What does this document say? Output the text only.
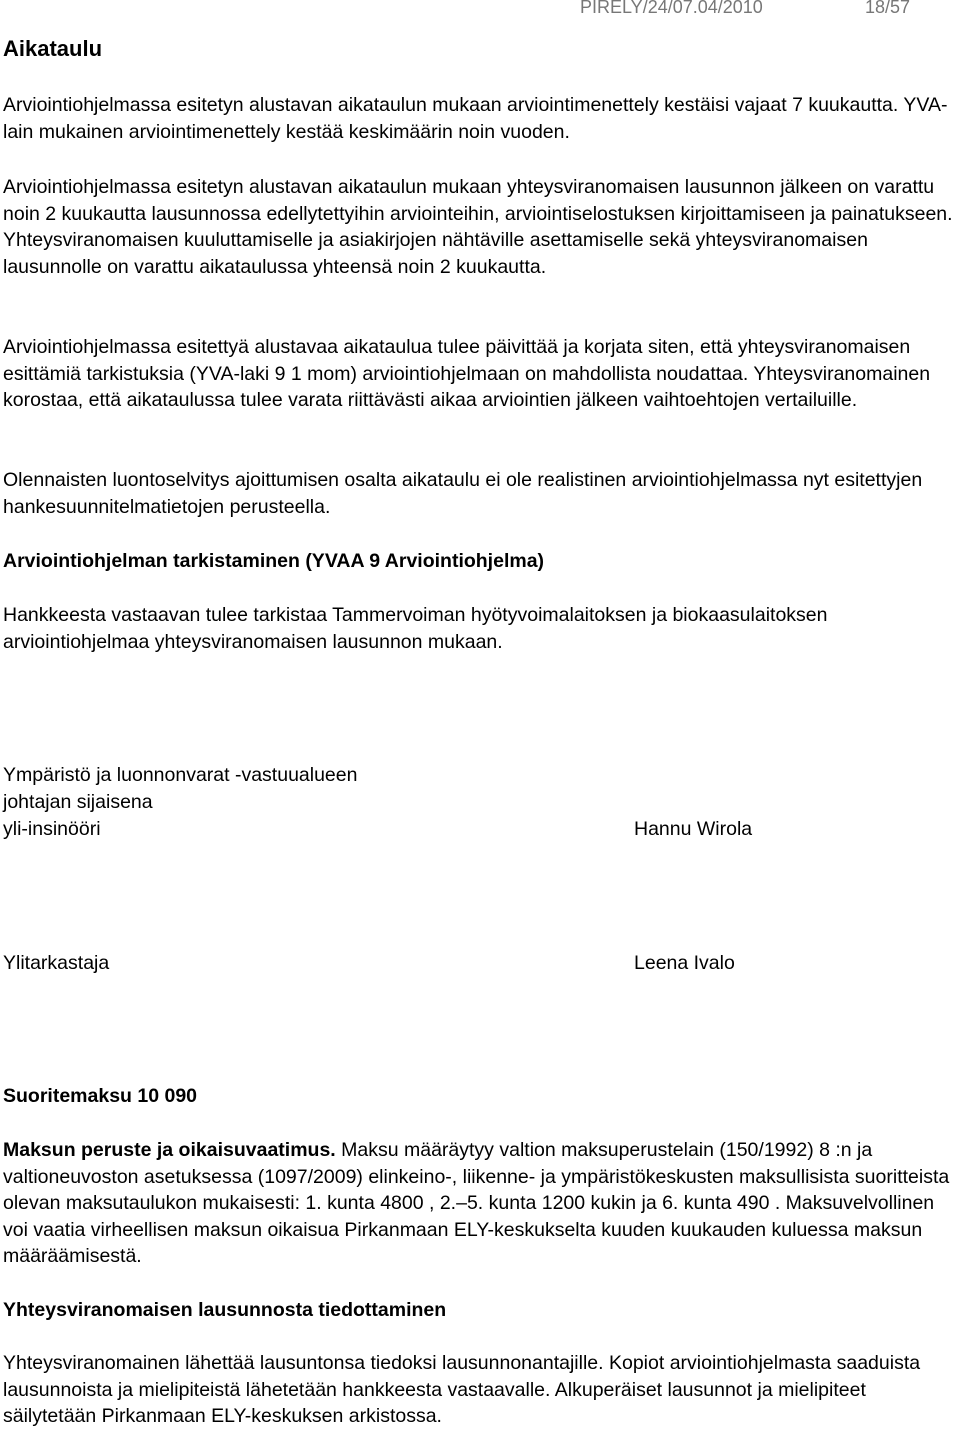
PIRELY/24/07.04/2010	18/57
Aikataulu

Arviointiohjelmassa esitetyn alustavan aikataulun mukaan arviointimenettely kestäisi vajaat 7 kuukautta. YVA-lain mukainen arviointimenettely kestää keskimäärin noin vuoden.

Arviointiohjelmassa esitetyn alustavan aikataulun mukaan yhteysviranomaisen lausunnon jälkeen on varattu noin 2 kuukautta lausunnossa edellytettyihin arviointeihin, arviointiselostuksen kirjoittamiseen ja painatukseen. Yhteysviranomaisen kuuluttamiselle ja asiakirjojen nähtäville asettamiselle sekä yhteysviranomaisen lausunnolle on varattu aikataulussa yhteensä noin 2 kuukautta.

Arviointiohjelmassa esitettyä alustavaa aikataulua tulee päivittää ja korjata siten, että yhteysviranomaisen esittämiä tarkistuksia (YVA-laki 9 1 mom) arviointiohjelmaan on mahdollista noudattaa. Yhteysviranomainen korostaa, että aikataulussa tulee varata riittävästi aikaa arviointien jälkeen vaihtoehtojen vertailuille.

Olennaisten luontoselvitys ajoittumisen osalta aikataulu ei ole realistinen arviointiohjelmassa nyt esitettyjen hankesuunnitelmatietojen perusteella.

Arviointiohjelman tarkistaminen (YVAA 9 Arviointiohjelma)

Hankkeesta vastaavan tulee tarkistaa Tammervoiman hyötyvoimalaitoksen ja biokaasulaitoksen arviointiohjelmaa yhteysviranomaisen lausunnon mukaan.

Ympäristö ja luonnonvarat -vastuualueen
johtajan sijaisena
yli-insinööri	Hannu Wirola
Ylitarkastaja	Leena Ivalo
Suoritemaksu 10 090

Maksun peruste ja oikaisuvaatimus. Maksu määräytyy valtion maksuperustelain (150/1992) 8 :n ja valtioneuvoston asetuksessa (1097/2009) elinkeino-, liikenne- ja ympäristökeskusten maksullisista suoritteista olevan maksutaulukon mukaisesti: 1. kunta 4800 , 2.–5. kunta 1200 kukin ja 6. kunta 490 . Maksuvelvollinen voi vaatia virheellisen maksun oikaisua Pirkanmaan ELY-keskukselta kuuden kuukauden kuluessa maksun määräämisestä.

Yhteysviranomaisen lausunnosta tiedottaminen

Yhteysviranomainen lähettää lausuntonsa tiedoksi lausunnonantajille. Kopiot arviointiohjelmasta saaduista lausunnoista ja mielipiteistä lähetetään hankkeesta vastaavalle. Alkuperäiset lausunnot ja mielipiteet säilytetään Pirkanmaan ELY-keskuksen arkistossa.
